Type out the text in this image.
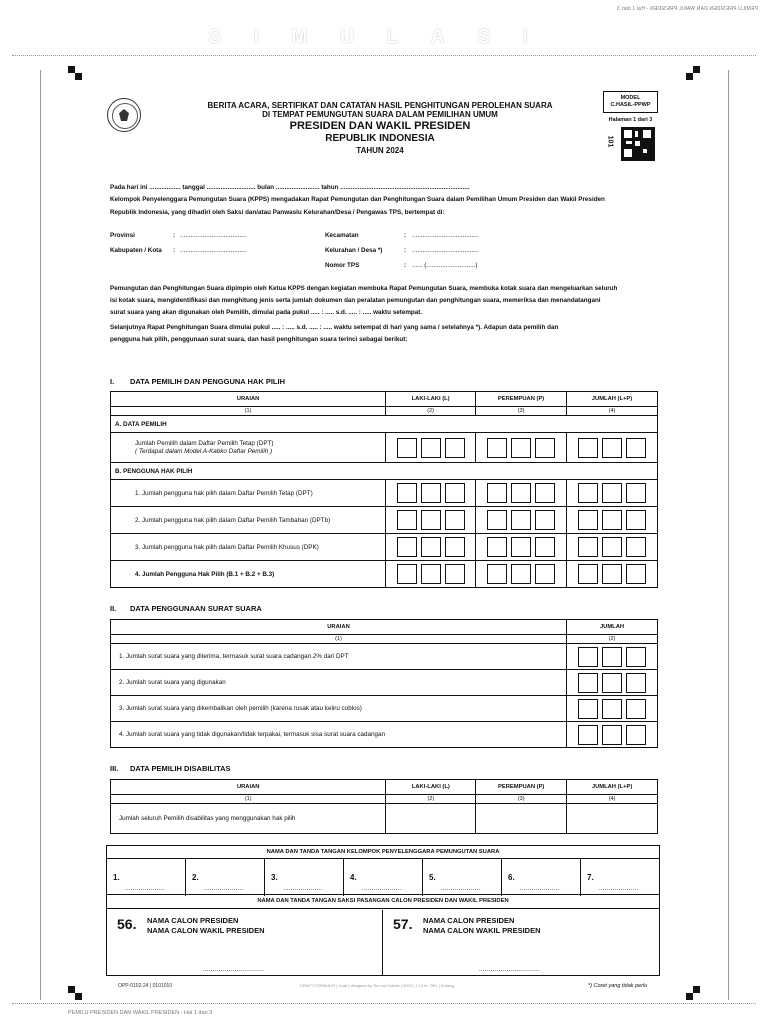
PEMILU PRESIDEN DAN WAKIL PRESIDEN - Hal 1 dari 3
SIMULASI
BERITA ACARA, SERTIFIKAT DAN CATATAN HASIL PENGHITUNGAN PEROLEHAN SUARA
DI TEMPAT PEMUNGUTAN SUARA DALAM PEMILIHAN UMUM
PRESIDEN DAN WAKIL PRESIDEN
REPUBLIK INDONESIA
TAHUN 2024
MODEL
C.HASIL-PPWP
Halaman 1 dari 3
101
Pada hari ini .................. tanggal ............................ bulan ......................... tahun ..........................................................................
Kelompok Penyelenggara Pemungutan Suara (KPPS) mengadakan Rapat Pemungutan dan Penghitungan Suara dalam Pemilihan Umum Presiden dan Wakil Presiden
Republik Indonesia, yang dihadiri oleh Saksi dan/atau Panwaslu Kelurahan/Desa / Pengawas TPS, bertempat di:
Provinsi	: ......................................
Kabupaten / Kota : ......................................
Kecamatan	: ......................................
Kelurahan / Desa *)	: ......................................
Nomor TPS	: ...... (............................)
Pemungutan dan Penghitungan Suara dipimpin oleh Ketua KPPS dengan kegiatan membuka Rapat Pemungutan Suara, membuka kotak suara dan mengeluarkan seluruh
isi kotak suara, mengidentifikasi dan menghitung jenis serta jumlah dokumen dan peralatan pemungutan dan penghitungan suara, memeriksa dan menandatangani
surat suara yang akan digunakan oleh Pemilih, dimulai pada pukul ..... : ..... s.d. ..... : ..... waktu setempat.
Selanjutnya Rapat Penghitungan Suara dimulai pukul ..... : ..... s.d. ..... : ..... waktu setempat di hari yang sama / setelahnya *). Adapun data pemilih dan
pengguna hak pilih, penggunaan surat suara, dan hasil penghitungan suara terinci sebagai berikut:
I. DATA PEMILIH DAN PENGGUNA HAK PILIH
URAIAN	LAKI-LAKI (L)	PEREMPUAN (P)	JUMLAH (L+P)
(1)	(2)	(3)	(4)
A. DATA PEMILIH			

Jumlah Pemilih dalam Daftar Pemilih Tetap (DPT)
( Terdapat dalam Model A-Kabko Daftar Pemilih )			

B. PENGGUNA HAK PILIH			
1. Jumlah pengguna hak pilih dalam Daftar Pemilih Tetap (DPT)	

2. Jumlah pengguna hak pilih dalam Daftar Pemilih Tambahan (DPTb)	

3. Jumlah pengguna hak pilih dalam Daftar Pemilih Khusus (DPK)	

4. Jumlah Pengguna Hak Pilih (B.1 + B.2 + B.3)	

II. DATA PENGGUNAAN SURAT SUARA
URAIAN	JUMLAH
(1)	(2)
1. Jumlah surat suara yang diterima, termasuk surat suara cadangan 2% dari DPT	

2. Jumlah surat suara yang digunakan	

3. Jumlah surat suara yang dikembalikan oleh pemilih (karena rusak atau keliru coblos)	

4. Jumlah surat suara yang tidak digunakan/tidak terpakai, termasuk sisa surat suara cadangan	
III. DATA PEMILIH DISABILITAS
URAIAN	LAKI-LAKI (L)	PEREMPUAN (P)	JUMLAH (L+P)
(1)	(2)	(3)	(4)
Jumlah seluruh Pemilih disabilitas yang menggunakan hak pilih			
NAMA DAN TANDA TANGAN KELOMPOK PENYELENGGARA PEMUNGUTAN SUARA
1.
....................
2.
....................
3.
....................
4.
....................
5.
....................
6.
....................
7.
....................
NAMA DAN TANDA TANGAN SAKSI PASANGAN CALON PRESIDEN DAN WAKIL PRESIDEN
56. NAMA CALON PRESIDEN
NAMA CALON WAKIL PRESIDEN
...............................
57. NAMA CALON PRESIDEN
NAMA CALON WAKIL PRESIDEN
...............................
OPP-0102-24 | 0101010	DRAFT FORMULIR | Craft | designed by Tim not Kutiate | 2023 | 1.19 hr. OPL | Sulteng	*) Coret yang tidak perlu
PEMILU PRESIDEN DAN WAKIL PRESIDEN - Hal 1 dari 3
